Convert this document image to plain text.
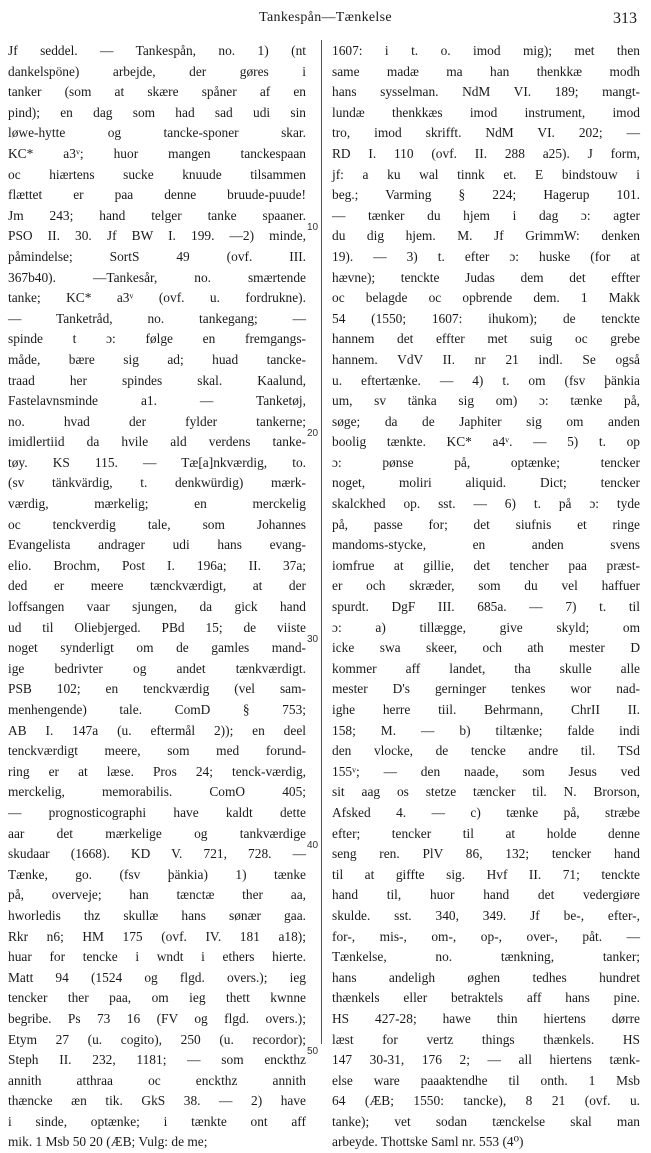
Tankespån—Tænkelse	313
Jf seddel. — Tankespån, no. 1) (nt
dankelspöne) arbejde, der gøres i
tanker (som at skære spåner af en
pind); en dag som had sad udi sin
løwe-hytte og tancke-sponer skar.
KC* a3ᵛ; huor mangen tanckespaan
oc hiærtens sucke knuude tilsammen
flættet er paa denne bruude-puude!
Jm 243; hand telger tanke spaaner.
PSO II. 30. Jf BW I. 199. —2) minde,
påmindelse; SortS 49 (ovf. III.
367b40). —Tankesår, no. smærtende
tanke; KC* a3ᵛ (ovf. u. fordrukne).
— Tanketråd, no. tankegang; —
spinde t ɔ: følge en fremgangs-
måde, bære sig ad; huad tancke-
traad her spindes skal. Kaalund,
Fastelavnsminde a1. — Tanketøj,
no. hvad der fylder tankerne;
imidlertiid da hvile ald verdens tanke-
tøy. KS 115. — Tæ[a]nkværdig, to.
(sv tänkvärdig, t. denkwürdig) mærk-
værdig, mærkelig; en merckelig
oc tenckverdig tale, som Johannes
Evangelista andrager udi hans evang-
elio. Brochm, Post I. 196a; II. 37a;
ded er meere tænckværdigt, at der
loffsangen vaar sjungen, da gick hand
ud til Oliebjerged. PBd 15; de viiste
noget synderligt om de gamles mand-
ige bedrivter og andet tænkværdigt.
PSB 102; en tenckværdig (vel sam-
menhengende) tale. ComD § 753;
AB I. 147a (u. eftermål 2)); en deel
tenckværdigt meere, som med forund-
ring er at læse. Pros 24; tenck-værdig,
merckelig, memorabilis. ComO 405;
— prognosticographi have kaldt dette
aar det mærkelige og tankværdige
skudaar (1668). KD V. 721, 728. —
Tænke, go. (fsv þänkia) 1) tænke
på, overveje; han tænctæ ther aa,
hworledis thz skullæ hans sønær gaa.
Rkr n6; HM 175 (ovf. IV. 181 a18);
huar for tencke i wndt i ethers hierte.
Matt 94 (1524 og flgd. overs.); ieg
tencker ther paa, om ieg thett kwnne
begribe. Ps 73 16 (FV og flgd. overs.);
Etym 27 (u. cogito), 250 (u. recordor);
Steph II. 232, 1181; — som enckthz
annith atthraa oc enckthz annith
thæncke æn tik. GkS 38. — 2) have
i sinde, optænke; i tænkte ont aff
mik. 1 Msb 50 20 (ÆB; Vulg: de me;
1607: i t. o. imod mig); met then
same madæ ma han thenkkæ modh
hans sysselman. NdM VI. 189; mangt-
lundæ thenkkæs imod instrument, imod
tro, imod skrifft. NdM VI. 202; —
RD I. 110 (ovf. II. 288 a25). J form,
jf: a ku wal tinnk et. E bindstouw i
beg.; Varming § 224; Hagerup 101.
— tænker du hjem i dag ɔ: agter
du dig hjem. M. Jf GrimmW: denken
19). — 3) t. efter ɔ: huske (for at
hævne); tenckte Judas dem det effter
oc belagde oc opbrende dem. 1 Makk
54 (1550; 1607: ihukom); de tenckte
hannem det effter met suig oc grebe
hannem. VdV II. nr 21 indl. Se også
u. eftertænke. — 4) t. om (fsv þänkia
um, sv tänka sig om) ɔ: tænke på,
søge; da de Japhiter sig om anden
boolig tænkte. KC* a4ᵛ. — 5) t. op
ɔ: pønse på, optænke; tencker
noget, moliri aliquid. Dict; tencker
skalckhed op. sst. — 6) t. på ɔ: tyde
på, passe for; det siufnis et ringe
mandoms-stycke, en anden svens
iomfrue at gillie, det tencher paa præst-
er och skræder, som du vel haffuer
spurdt. DgF III. 685a. — 7) t. til
ɔ: a) tillægge, give skyld; om
icke swa skeer, och ath mester D
kommer aff landet, tha skulle alle
mester D's gerninger tenkes wor nad-
ighe herre tiil. Behrmann, ChrII II.
158; M. — b) tiltænke; falde indi
den vlocke, de tencke andre til. TSd
155ᵛ; — den naade, som Jesus ved
sit aag os stetze tæncker til. N. Brorson,
Afsked 4. — c) tænke på, stræbe
efter; tencker til at holde denne
seng ren. PlV 86, 132; tencker hand
til at giffte sig. Hvf II. 71; tenckte
hand til, huor hand det vedergiøre
skulde. sst. 340, 349. Jf be-, efter-,
for-, mis-, om-, op-, over-, påt. —
Tænkelse, no. tænkning, tanker;
hans andeligh øghen tedhes hundret
thænkels eller betraktels aff hans pine.
HS 427-28; hawe thin hiertens dørre
læst for vertz things thænkels. HS
147 30-31, 176 2; — all hiertens tænk-
else ware paaaktendhe til onth. 1 Msb
64 (ÆB; 1550: tancke), 8 21 (ovf. u.
tanke); vet sodan tænckelse skal man
arbeyde. Thottske Saml nr. 553 (4⁰)
10
20
30
40
50
